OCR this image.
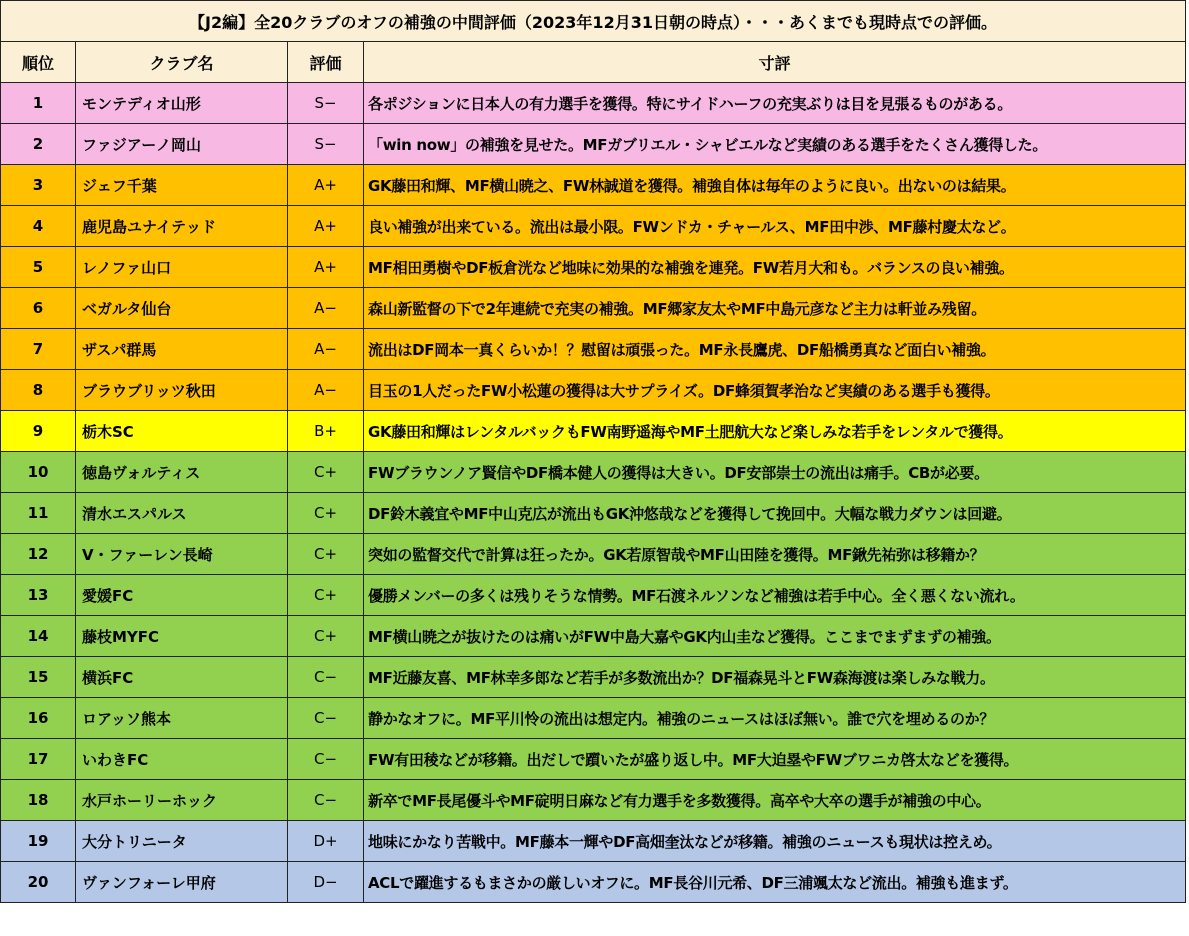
【J2編】全20クラブのオフの補強の中間評価（2023年12月31日朝の時点）・・・あくまでも現時点での評価。			
順位	クラブ名	評価	寸評
1	モンテディオ山形	S−	各ポジションに日本人の有力選手を獲得。特にサイドハーフの充実ぶりは目を見張るものがある。
2	ファジアーノ岡山	S−	「win now」の補強を見せた。MFガブリエル・シャビエルなど実績のある選手をたくさん獲得した。
3	ジェフ千葉	A+	GK藤田和輝、MF横山暁之、FW林誠道を獲得。補強自体は毎年のように良い。出ないのは結果。
4	鹿児島ユナイテッド	A+	良い補強が出来ている。流出は最小限。FWンドカ・チャールス、MF田中渉、MF藤村慶太など。
5	レノファ山口	A+	MF相田勇樹やDF板倉洸など地味に効果的な補強を連発。FW若月大和も。バランスの良い補強。
6	ベガルタ仙台	A−	森山新監督の下で2年連続で充実の補強。MF郷家友太やMF中島元彦など主力は軒並み残留。
7	ザスパ群馬	A−	流出はDF岡本一真くらいか！？慰留は頑張った。MF永長鷹虎、DF船橋勇真など面白い補強。
8	ブラウブリッツ秋田	A−	目玉の1人だったFW小松蓮の獲得は大サプライズ。DF蜂須賀孝治など実績のある選手も獲得。
9	栃木SC	B+	GK藤田和輝はレンタルバックもFW南野遥海やMF土肥航大など楽しみな若手をレンタルで獲得。
10	徳島ヴォルティス	C+	FWブラウンノア賢信やDF橋本健人の獲得は大きい。DF安部崇士の流出は痛手。CBが必要。
11	清水エスパルス	C+	DF鈴木義宜やMF中山克広が流出もGK沖悠哉などを獲得して挽回中。大幅な戦力ダウンは回避。
12	V・ファーレン長崎	C+	突如の監督交代で計算は狂ったか。GK若原智哉やMF山田陸を獲得。MF鍬先祐弥は移籍か？
13	愛媛FC	C+	優勝メンバーの多くは残りそうな情勢。MF石渡ネルソンなど補強は若手中心。全く悪くない流れ。
14	藤枝MYFC	C+	MF横山暁之が抜けたのは痛いがFW中島大嘉やGK内山圭など獲得。ここまでまずまずの補強。
15	横浜FC	C−	MF近藤友喜、MF林幸多郎など若手が多数流出か？DF福森晃斗とFW森海渡は楽しみな戦力。
16	ロアッソ熊本	C−	静かなオフに。MF平川怜の流出は想定内。補強のニュースはほぼ無い。誰で穴を埋めるのか？
17	いわきFC	C−	FW有田稜などが移籍。出だしで躓いたが盛り返し中。MF大迫塁やFWブワニカ啓太などを獲得。
18	水戸ホーリーホック	C−	新卒でMF長尾優斗やMF碇明日麻など有力選手を多数獲得。高卒や大卒の選手が補強の中心。
19	大分トリニータ	D+	地味にかなり苦戦中。MF藤本一輝やDF高畑奎汰などが移籍。補強のニュースも現状は控えめ。
20	ヴァンフォーレ甲府	D−	ACLで躍進するもまさかの厳しいオフに。MF長谷川元希、DF三浦颯太など流出。補強も進まず。
